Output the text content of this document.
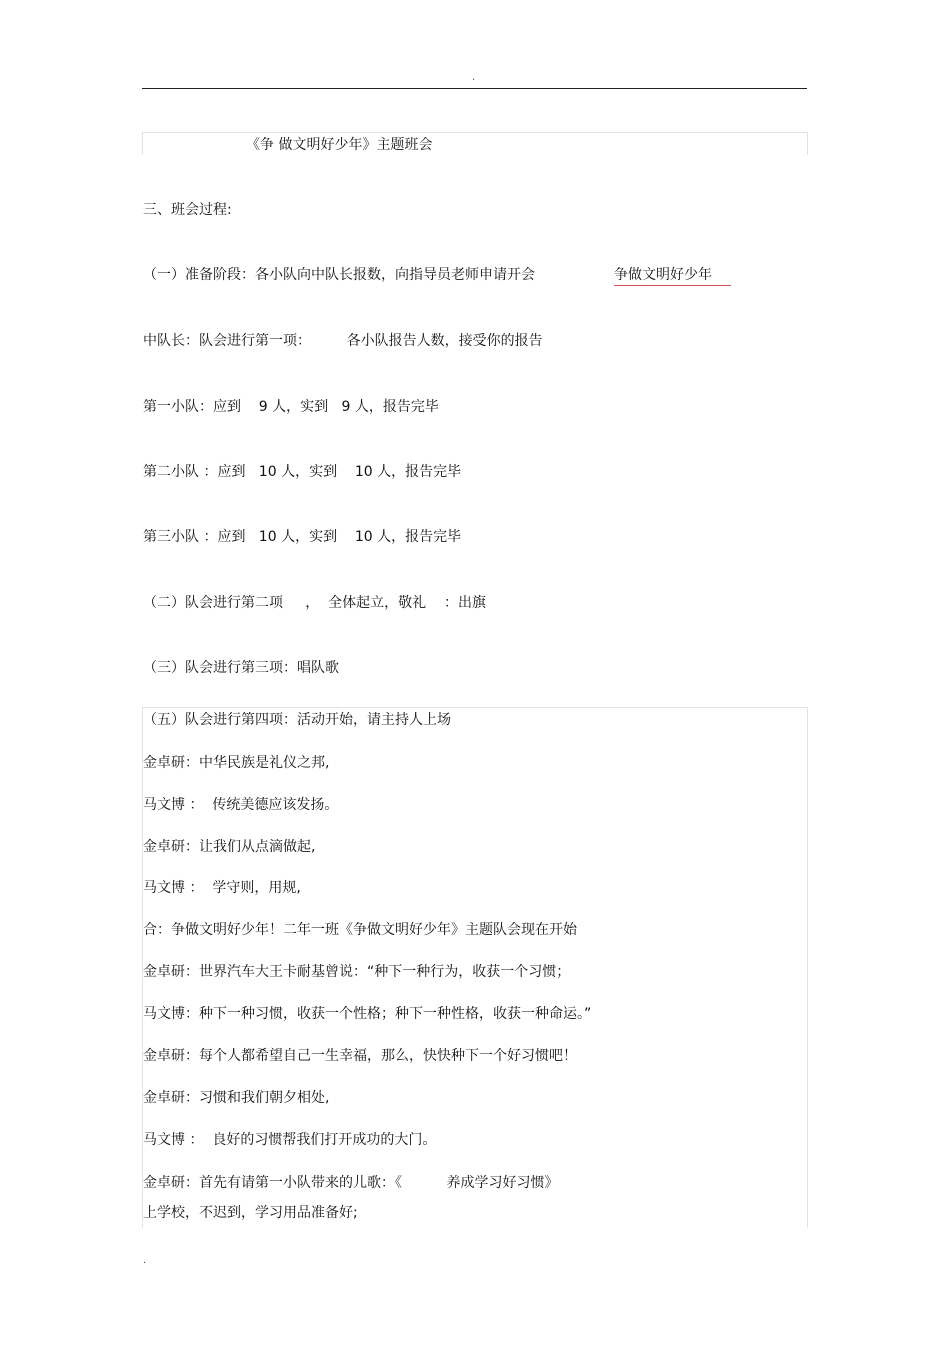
.
《争 做文明好少年》主题班会
三、班会过程:
（一）准备阶段：各小队向中队长报数，向指导员老师申请开会	争做文明好少年
中队长：队会进行第一项：        各小队报告人数，接受你的报告
第一小队：应到    9 人，实到   9 人，报告完毕
第二小队 ：应到   10 人，实到    10 人，报告完毕
第三小队 ：应到   10 人，实到    10 人，报告完毕
（二）队会进行第二项     ，  全体起立，敬礼    ：出旗
（三）队会进行第三项：唱队歌
（五）队会进行第四项：活动开始，请主持人上场
金卓研：中华民族是礼仪之邦,
马文博 ：  传统美德应该发扬。
金卓研：让我们从点滴做起,
马文博 ：  学守则，用规,
合：争做文明好少年！二年一班《争做文明好少年》主题队会现在开始
金卓研：世界汽车大王卡耐基曾说：“种下一种行为，收获一个习惯；
马文博：种下一种习惯，收获一个性格；种下一种性格，收获一种命运。”
金卓研：每个人都希望自己一生幸福，那么，快快种下一个好习惯吧！
金卓研：习惯和我们朝夕相处,
马文博 ：  良好的习惯帮我们打开成功的大门。
金卓研：首先有请第一小队带来的儿歌：《          养成学习好习惯》
上学校，不迟到，学习用品准备好;
.
